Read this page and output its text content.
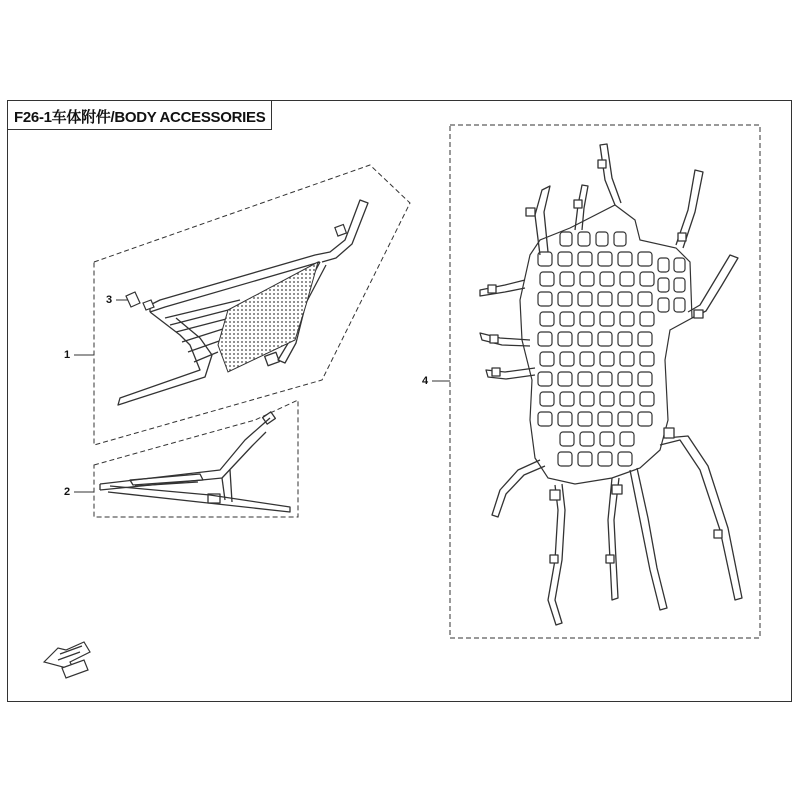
F26-1车体附件/BODY ACCESSORIES
1
2
3
4
